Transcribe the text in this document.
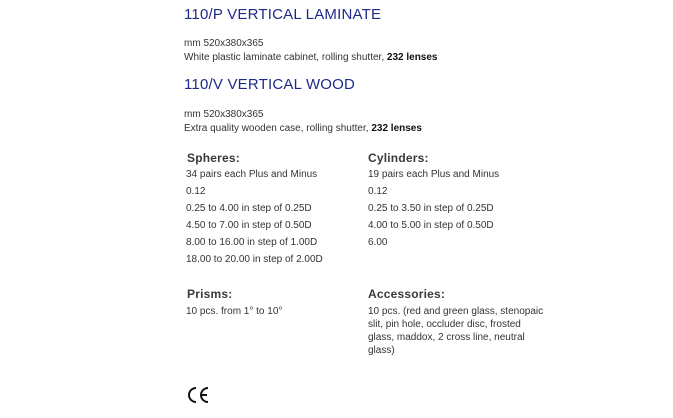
110/P VERTICAL LAMINATE

mm 520x380x365

White plastic laminate cabinet, rolling shutter, 232 lenses

110/V VERTICAL WOOD

mm 520x380x365

Extra quality wooden case, rolling shutter, 232 lenses

Spheres:
34 pairs each Plus and Minus
0.12
0.25 to 4.00 in step of 0.25D
4.50 to 7.00 in step of 0.50D
8.00 to 16.00 in step of 1.00D
18.00 to 20.00 in step of 2.00D
Cylinders:
19 pairs each Plus and Minus
0.12
0.25 to 3.50 in step of 0.25D
4.00 to 5.00 in step of 0.50D
6.00
Prisms:

10 pcs. from 1° to 10°

Accessories:

10 pcs. (red and green glass, stenopaic slit, pin hole, occluder disc, frosted glass, maddox, 2 cross line, neutral glass)
